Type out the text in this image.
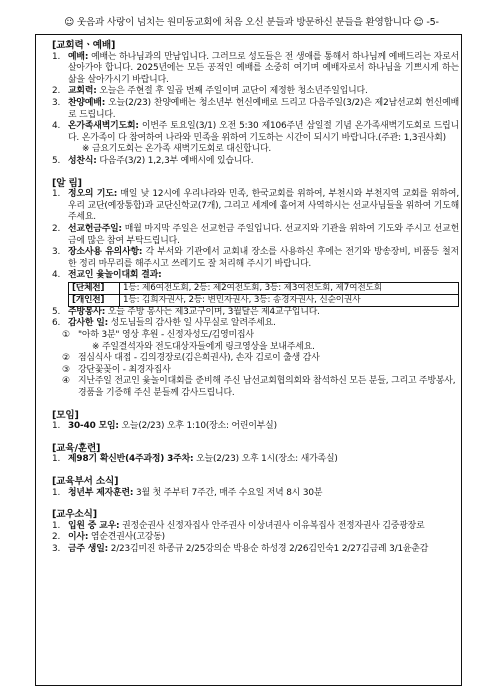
☺ 웃음과 사랑이 넘치는 원미동교회에 처음 오신 분들과 방문하신 분들을 환영합니다 ☺ -5-
[교회력ㆍ예배]
1. 예배: 예배는 하나님과의 만남입니다. 그러므로 성도들은 전 생애를 통해서 하나님께 예배드리는 자로서 살아가야 합니다. 2025년에는 모든 공적인 예배를 소중히 여기며 예배자로서 하나님을 기쁘시게 하는 삶을 살아가시기 바랍니다.
2. 교회력: 오늘은 주현절 후 일곱 번째 주일이며 교단이 제정한 청소년주일입니다.
3. 찬양예배: 오늘(2/23) 찬양예배는 청소년부 헌신예배로 드리고 다음주일(3/2)은 제2남선교회 헌신예배로 드립니다.
4. 온가족새벽기도회: 이번주 토요일(3/1) 오전 5:30 제106주년 삼일절 기념 온가족새벽기도회로 드립니다. 온가족이 다 참여하여 나라와 민족을 위하여 기도하는 시간이 되시기 바랍니다.(주관: 1,3권사회)
※ 금요기도회는 온가족 새벽기도회로 대신합니다.
5. 성찬식: 다음주(3/2) 1,2,3부 예배시에 있습니다.
[알 림]
1. 정오의 기도: 매일 낮 12시에 우리나라와 민족, 한국교회를 위하여, 부천시와 부천지역 교회를 위하여, 우리 교단(예장통합)과 교단신학교(7개), 그리고 세계에 흩어져 사역하시는 선교사님들을 위하여 기도해 주세요.
2. 선교헌금주일: 매월 마지막 주일은 선교헌금 주일입니다. 선교지와 기관을 위하여 기도와 주시고 선교헌금에 많은 참여 부탁드립니다.
3. 장소사용 유의사항: 각 부서와 기관에서 교회내 장소를 사용하신 후에는 전기와 방송장비, 비품등 철저한 정리 마무리를 해주시고 쓰레기도 잘 처리해 주시기 바랍니다.
4. 전교인 윷놀이대회 결과:
[단체전]	1등: 제6여전도회, 2등: 제2여전도회, 3등: 제3여전도회, 제7여전도회
[개인전]	1등: 김희자권사, 2등: 변민자권사, 3등: 송경자권사, 신순이권사
5. 주방봉사: 오늘 주방 봉사는 제3교구이며, 3월달은 제4교구입니다.
6. 감사한 일: 성도님들의 감사한 일 사무실로 알려주세요.
① "아하 3분" 영상 후원 - 신정자성도/김영미집사
※ 주일결석자와 전도대상자들에게 링크영상을 보내주세요.
② 점심식사 대접 - 김의경장로(김은희권사), 손자 김로이 출생 감사
③ 강단꽃꽂이 - 최경자집사
④ 지난주일 전교인 윷놀이대회를 준비해 주신 남선교회협의회와 참석하신 모든 분들, 그리고 주방봉사, 경품을 기증해 주신 분들께 감사드립니다.
[모임]
1. 30-40 모임: 오늘(2/23) 오후 1:10(장소: 어린이부실)
[교육/훈련]
1. 제98기 확신반(4주과정) 3주차: 오늘(2/23) 오후 1시(장소: 새가족실)
[교육부서 소식]
1. 청년부 제자훈련: 3월 첫 주부터 7주간, 매주 수요일 저녁 8시 30분
[교우소식]
1. 입원 중 교우: 권정순권사 신정자집사 안주권사 이상녀권사 이유복집사 전정자권사 김중광장로
2. 이사: 염순견권사(고강동)
3. 금주 생일: 2/23김미진 하종규 2/25강의순 박용순 하성경 2/26김인숙1 2/27김금례 3/1윤춘감
